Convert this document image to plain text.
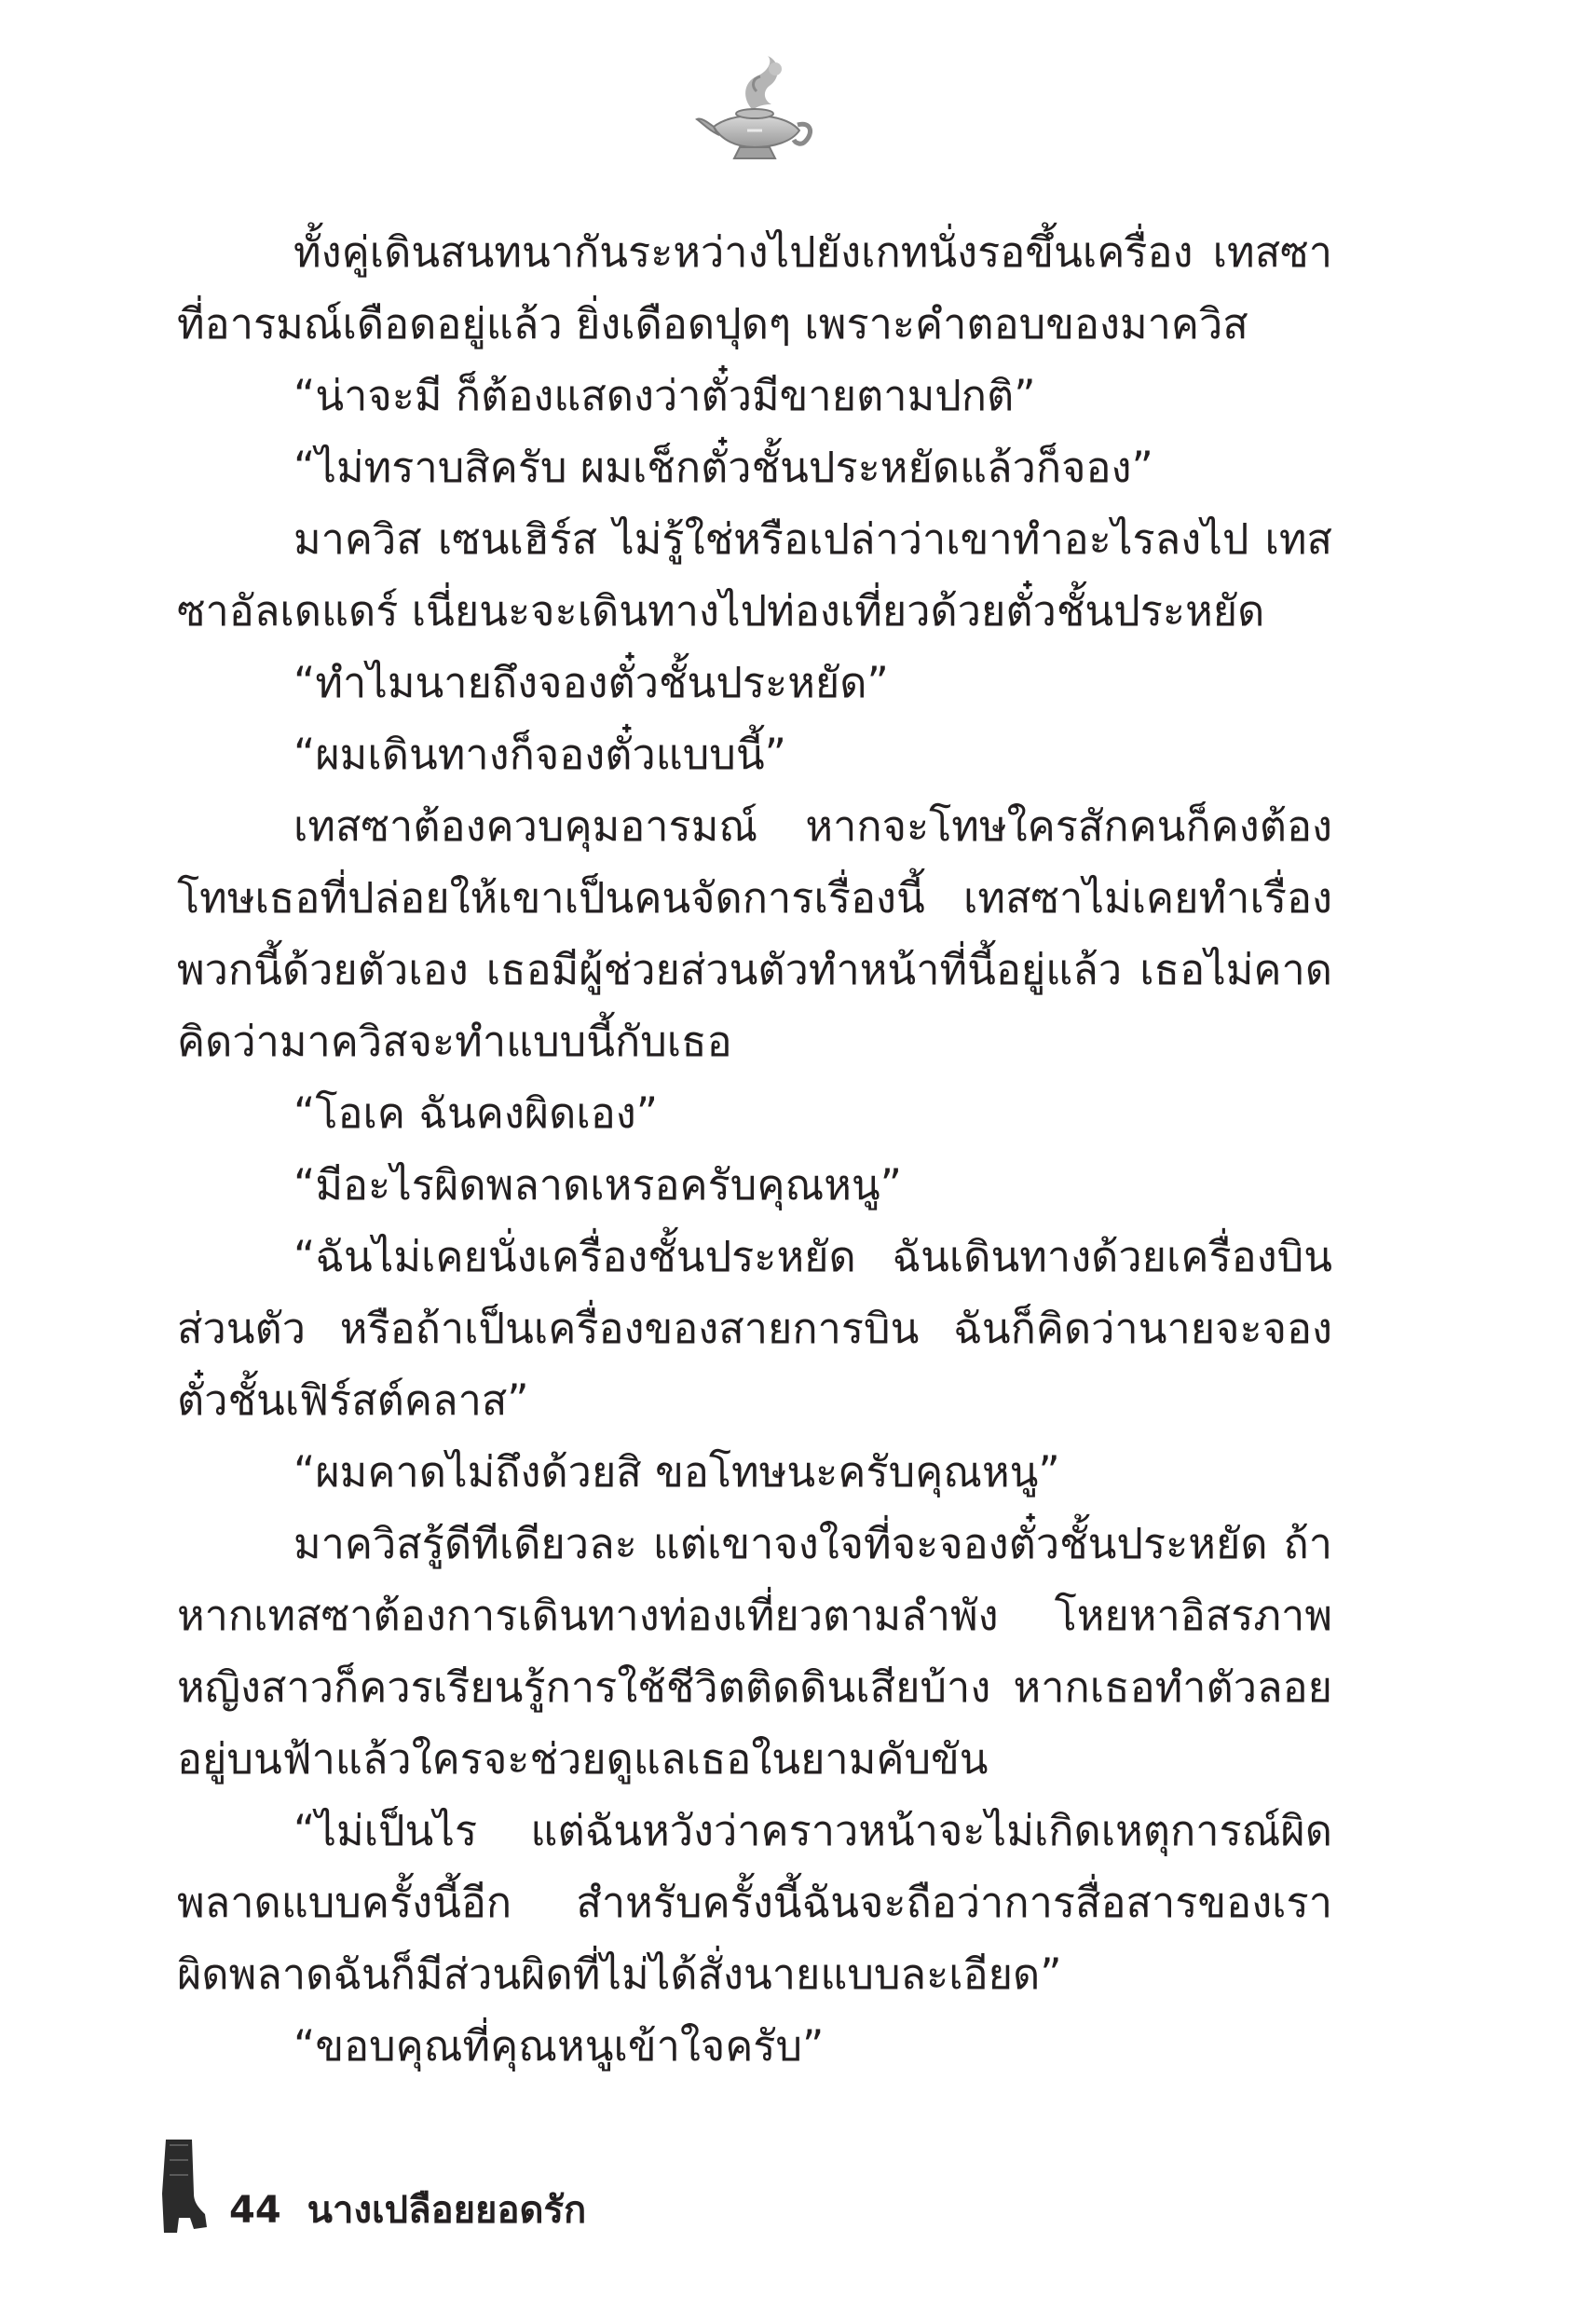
ทั้งคู่เดินสนทนากันระหว่างไปยังเกทนั่งรอขึ้นเครื่อง เทสซาที่อารมณ์เดือดอยู่แล้ว ยิ่งเดือดปุดๆ เพราะคำตอบของมาควิส

“น่าจะมี ก็ต้องแสดงว่าตั๋วมีขายตามปกติ”

“ไม่ทราบสิครับ ผมเช็กตั๋วชั้นประหยัดแล้วก็จอง”

มาควิส เซนเฮิร์ส ไม่รู้ใช่หรือเปล่าว่าเขาทำอะไรลงไป เทสซาอัลเดแดร์ เนี่ยนะจะเดินทางไปท่องเที่ยวด้วยตั๋วชั้นประหยัด

“ทำไมนายถึงจองตั๋วชั้นประหยัด”

“ผมเดินทางก็จองตั๋วแบบนี้”

เทสซาต้องควบคุมอารมณ์ หากจะโทษใครสักคนก็คงต้องโทษเธอที่ปล่อยให้เขาเป็นคนจัดการเรื่องนี้ เทสซาไม่เคยทำเรื่องพวกนี้ด้วยตัวเอง เธอมีผู้ช่วยส่วนตัวทำหน้าที่นี้อยู่แล้ว เธอไม่คาดคิดว่ามาควิสจะทำแบบนี้กับเธอ

“โอเค ฉันคงผิดเอง”

“มีอะไรผิดพลาดเหรอครับคุณหนู”

“ฉันไม่เคยนั่งเครื่องชั้นประหยัด ฉันเดินทางด้วยเครื่องบินส่วนตัว หรือถ้าเป็นเครื่องของสายการบิน ฉันก็คิดว่านายจะจองตั๋วชั้นเฟิร์สต์คลาส”

“ผมคาดไม่ถึงด้วยสิ ขอโทษนะครับคุณหนู”

มาควิสรู้ดีทีเดียวละ แต่เขาจงใจที่จะจองตั๋วชั้นประหยัด ถ้าหากเทสซาต้องการเดินทางท่องเที่ยวตามลำพัง โหยหาอิสรภาพ หญิงสาวก็ควรเรียนรู้การใช้ชีวิตติดดินเสียบ้าง หากเธอทำตัวลอยอยู่บนฟ้าแล้วใครจะช่วยดูแลเธอในยามคับขัน

“ไม่เป็นไร แต่ฉันหวังว่าคราวหน้าจะไม่เกิดเหตุการณ์ผิดพลาดแบบครั้งนี้อีก สำหรับครั้งนี้ฉันจะถือว่าการสื่อสารของเราผิดพลาดฉันก็มีส่วนผิดที่ไม่ได้สั่งนายแบบละเอียด”

“ขอบคุณที่คุณหนูเข้าใจครับ”

44 นางเปลือยยอดรัก
